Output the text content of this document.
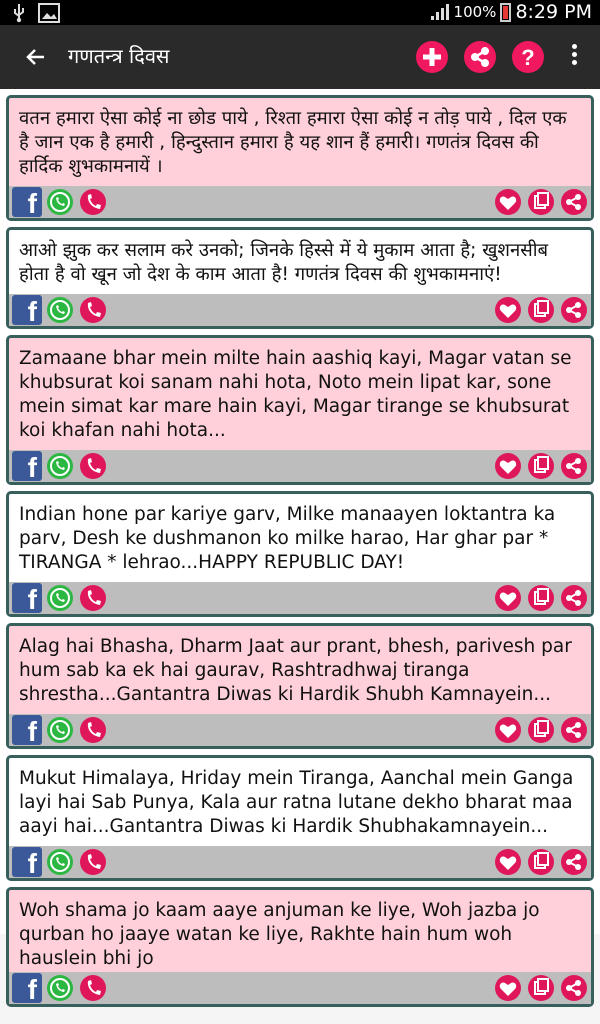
100% 8:29 PM
गणतन्त्र दिवस	?
वतन हमारा ऐसा कोई ना छोड पाये , रिश्ता हमारा ऐसा कोई न तोड़ पाये , दिल एक है जान एक है हमारी , हिन्दुस्तान हमारा है यह शान हैं हमारी। गणतंत्र दिवस की हार्दिक शुभकामनायें ।
f
आओ झुक कर सलाम करे उनको; जिनके हिस्से में ये मुकाम आता है; खुशनसीब होता है वो खून जो देश के काम आता है! गणतंत्र दिवस की शुभकामनाएं!
f
Zamaane bhar mein milte hain aashiq kayi, Magar vatan se khubsurat koi sanam nahi hota, Noto mein lipat kar, sone mein simat kar mare hain kayi, Magar tirange se khubsurat koi khafan nahi hota...
f
Indian hone par kariye garv, Milke manaayen loktantra ka parv, Desh ke dushmanon ko milke harao, Har ghar par * TIRANGA * lehrao...HAPPY REPUBLIC DAY!
f
Alag hai Bhasha, Dharm Jaat aur prant, bhesh, parivesh par hum sab ka ek hai gaurav, Rashtradhwaj tiranga shrestha...Gantantra Diwas ki Hardik Shubh Kamnayein...
f
Mukut Himalaya, Hriday mein Tiranga, Aanchal mein Ganga layi hai Sab Punya, Kala aur ratna lutane dekho bharat maa aayi hai...Gantantra Diwas ki Hardik Shubhakamnayein...
f
Woh shama jo kaam aaye anjuman ke liye, Woh jazba jo qurban ho jaaye watan ke liye, Rakhte hain hum woh hauslein bhi jo
f
